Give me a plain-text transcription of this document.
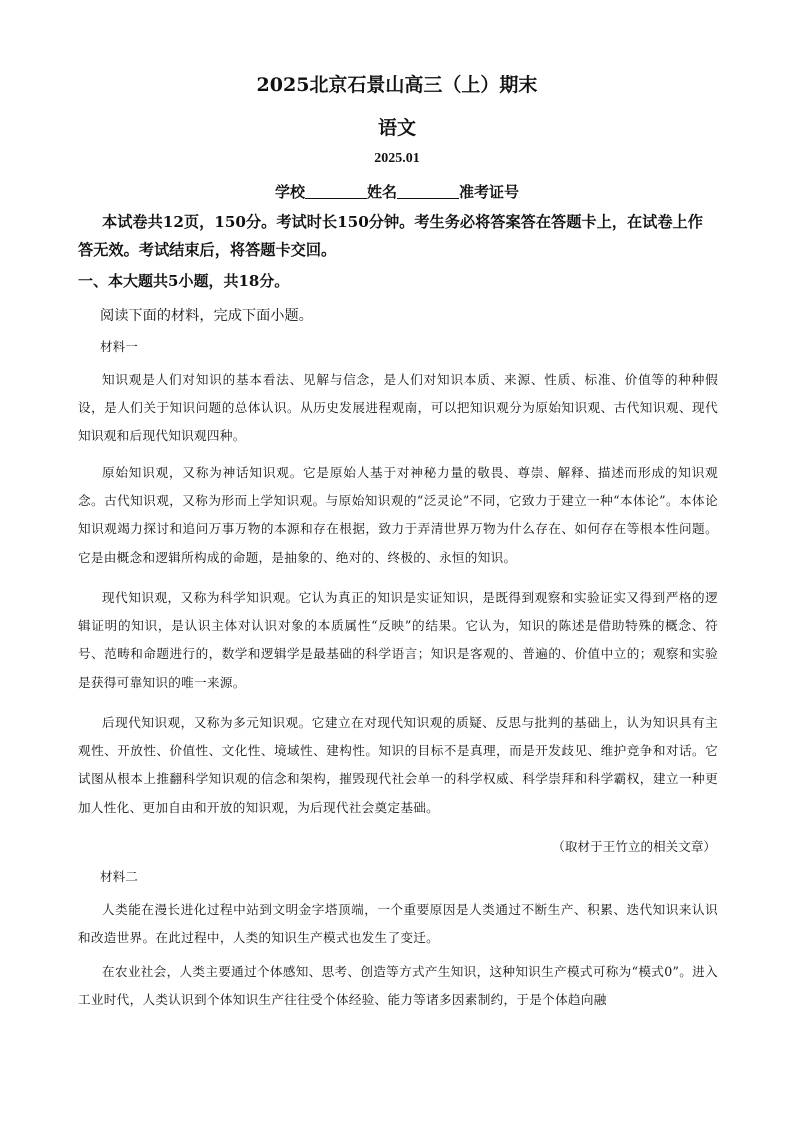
2025北京石景山高三（上）期末
语文
2025.01
学校	姓名	准考证号

本试卷共12页，150分。考试时长150分钟。考生务必将答案答在答题卡上，在试卷上作答无效。考试结束后，将答题卡交回。

一、本大题共5小题，共18分。
阅读下面的材料，完成下面小题。
材料一

知识观是人们对知识的基本看法、见解与信念，是人们对知识本质、来源、性质、标准、价值等的种种假设，是人们关于知识问题的总体认识。从历史发展进程观南，可以把知识观分为原始知识观、古代知识观、现代知识观和后现代知识观四种。

原始知识观，又称为神话知识观。它是原始人基于对神秘力量的敬畏、尊崇、解释、描述而形成的知识观念。古代知识观，又称为形而上学知识观。与原始知识观的“泛灵论”不同，它致力于建立一种“本体论”。本体论知识观竭力探讨和追问万事万物的本源和存在根据，致力于弄清世界万物为什么存在、如何存在等根本性问题。它是由概念和逻辑所构成的命题，是抽象的、绝对的、终极的、永恒的知识。

现代知识观，又称为科学知识观。它认为真正的知识是实证知识，是既得到观察和实验证实又得到严格的逻辑证明的知识，是认识主体对认识对象的本质属性“反映”的结果。它认为，知识的陈述是借助特殊的概念、符号、范畴和命题进行的，数学和逻辑学是最基础的科学语言；知识是客观的、普遍的、价值中立的；观察和实验是获得可靠知识的唯一来源。

后现代知识观，又称为多元知识观。它建立在对现代知识观的质疑、反思与批判的基础上，认为知识具有主观性、开放性、价值性、文化性、境域性、建构性。知识的目标不是真理，而是开发歧见、维护竞争和对话。它试图从根本上推翻科学知识观的信念和架构，摧毁现代社会单一的科学权威、科学崇拜和科学霸权，建立一种更加人性化、更加自由和开放的知识观，为后现代社会奠定基础。

（取材于王竹立的相关文章）
材料二

人类能在漫长进化过程中站到文明金字塔顶端，一个重要原因是人类通过不断生产、积累、迭代知识来认识和改造世界。在此过程中，人类的知识生产模式也发生了变迁。

在农业社会，人类主要通过个体感知、思考、创造等方式产生知识，这种知识生产模式可称为“模式0”。进入工业时代，人类认识到个体知识生产往往受个体经验、能力等诸多因素制约，于是个体趋向融
